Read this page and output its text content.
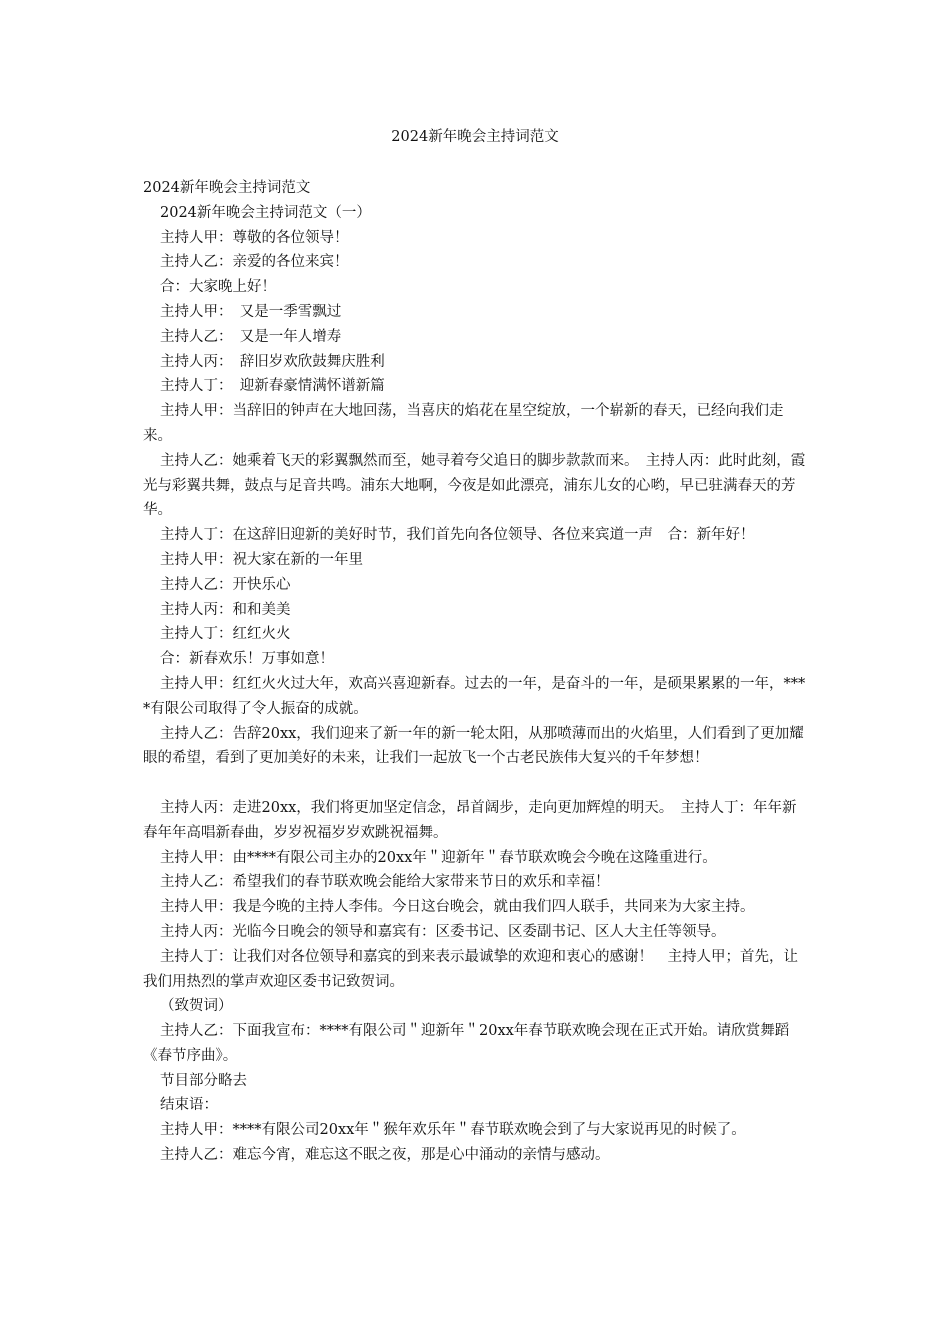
2024新年晚会主持词范文

2024新年晚会主持词范文

2024新年晚会主持词范文（一）

主持人甲：尊敬的各位领导！

主持人乙：亲爱的各位来宾！

合：大家晚上好！

主持人甲：　又是一季雪飘过

主持人乙：　又是一年人增寿

主持人丙：　辞旧岁欢欣鼓舞庆胜利

主持人丁：　迎新春豪情满怀谱新篇

主持人甲：当辞旧的钟声在大地回荡，当喜庆的焰花在星空绽放，一个崭新的春天，已经向我们走来。

主持人乙：她乘着飞天的彩翼飘然而至，她寻着夸父追日的脚步款款而来。　主持人丙：此时此刻，霞光与彩翼共舞，鼓点与足音共鸣。浦东大地啊，今夜是如此漂亮，浦东儿女的心哟，早已驻满春天的芳华。

主持人丁：在这辞旧迎新的美好时节，我们首先向各位领导、各位来宾道一声　合：新年好！

主持人甲：祝大家在新的一年里

主持人乙：开快乐心

主持人丙：和和美美

主持人丁：红红火火

合：新春欢乐！万事如意！

主持人甲：红红火火过大年，欢高兴喜迎新春。过去的一年，是奋斗的一年，是硕果累累的一年，****有限公司取得了令人振奋的成就。

主持人乙：告辞20xx，我们迎来了新一年的新一轮太阳，从那喷薄而出的火焰里，人们看到了更加耀眼的希望，看到了更加美好的未来，让我们一起放飞一个古老民族伟大复兴的千年梦想！

主持人丙：走进20xx，我们将更加坚定信念，昂首阔步，走向更加辉煌的明天。　主持人丁：年年新春年年高唱新春曲，岁岁祝福岁岁欢跳祝福舞。

主持人甲：由****有限公司主办的20xx年＂迎新年＂春节联欢晚会今晚在这隆重进行。

主持人乙：希望我们的春节联欢晚会能给大家带来节日的欢乐和幸福！

主持人甲：我是今晚的主持人李伟。今日这台晚会，就由我们四人联手，共同来为大家主持。

主持人丙：光临今日晚会的领导和嘉宾有：区委书记、区委副书记、区人大主任等领导。

主持人丁：让我们对各位领导和嘉宾的到来表示最诚挚的欢迎和衷心的感谢！　主持人甲；首先，让我们用热烈的掌声欢迎区委书记致贺词。

（致贺词）

主持人乙：下面我宣布：****有限公司＂迎新年＂20xx年春节联欢晚会现在正式开始。请欣赏舞蹈《春节序曲》。

节目部分略去

结束语：

主持人甲：****有限公司20xx年＂猴年欢乐年＂春节联欢晚会到了与大家说再见的时候了。

主持人乙：难忘今宵，难忘这不眠之夜，那是心中涌动的亲情与感动。
